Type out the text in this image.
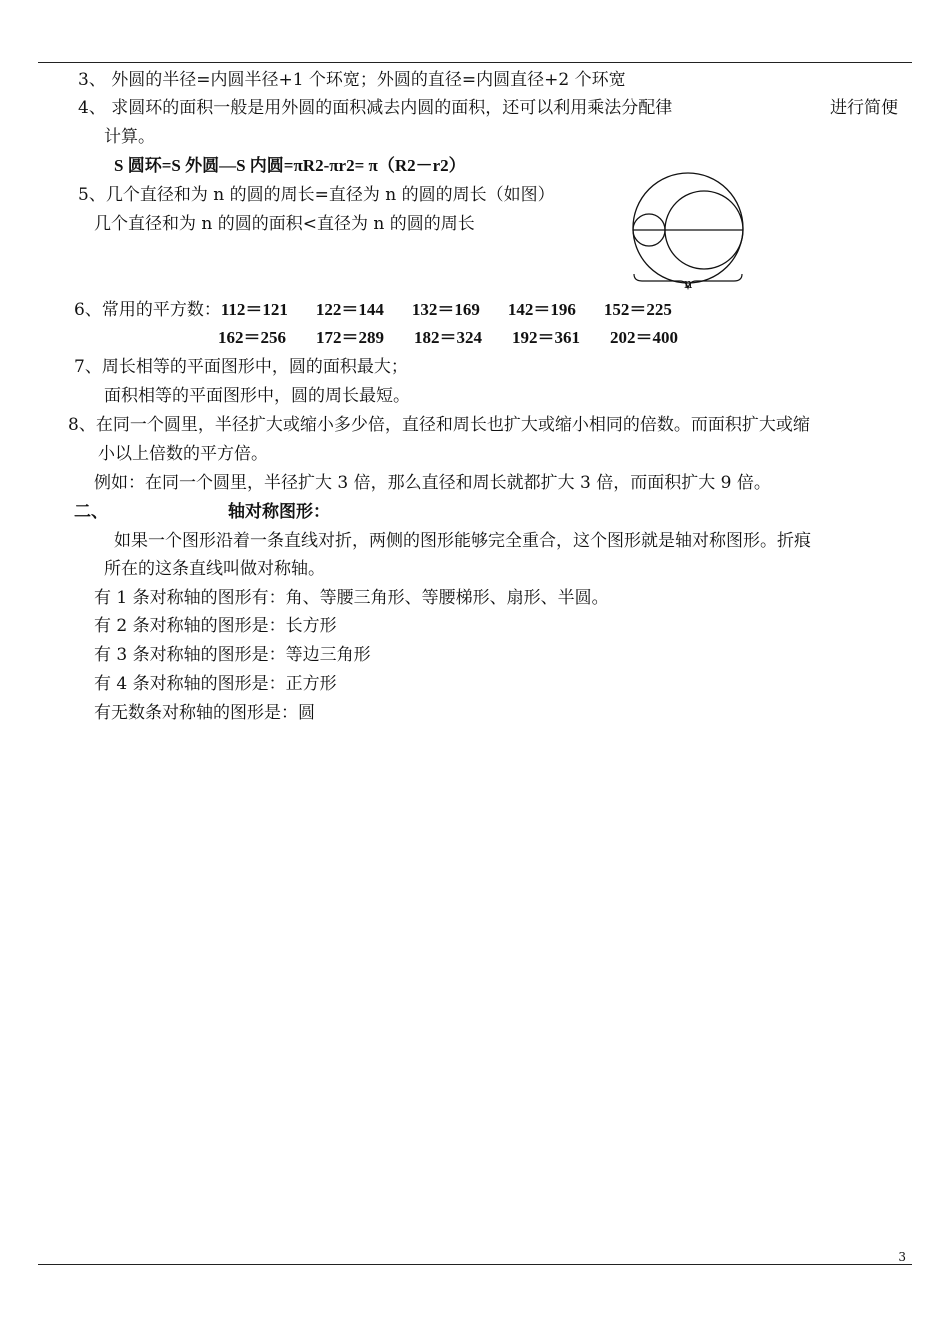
3、 外圆的半径=内圆半径+1 个环宽；外圆的直径=内圆直径+2 个环宽
4、 求圆环的面积一般是用外圆的面积减去内圆的面积，还可以利用乘法分配律	进行简便
计算。
S 圆环=S 外圆—S 内圆=πR2-πr2= π（R2－r2）
5、几个直径和为 n 的圆的周长=直径为 n 的圆的周长（如图）
几个直径和为 n 的圆的面积<直径为 n 的圆的周长
n
6、常用的平方数：112＝121 122＝144 132＝169 142＝196 152＝225
162＝256 172＝289 182＝324 192＝361 202＝400
7、周长相等的平面图形中，圆的面积最大；
面积相等的平面图形中，圆的周长最短。
8、在同一个圆里，半径扩大或缩小多少倍，直径和周长也扩大或缩小相同的倍数。而面积扩大或缩
小以上倍数的平方倍。
例如：在同一个圆里，半径扩大 3 倍，那么直径和周长就都扩大 3 倍，而面积扩大 9 倍。
二、	轴对称图形：
如果一个图形沿着一条直线对折，两侧的图形能够完全重合，这个图形就是轴对称图形。折痕
所在的这条直线叫做对称轴。
有 1 条对称轴的图形有：角、等腰三角形、等腰梯形、扇形、半圆。
有 2 条对称轴的图形是：长方形
有 3 条对称轴的图形是：等边三角形
有 4 条对称轴的图形是：正方形
有无数条对称轴的图形是：圆
3
